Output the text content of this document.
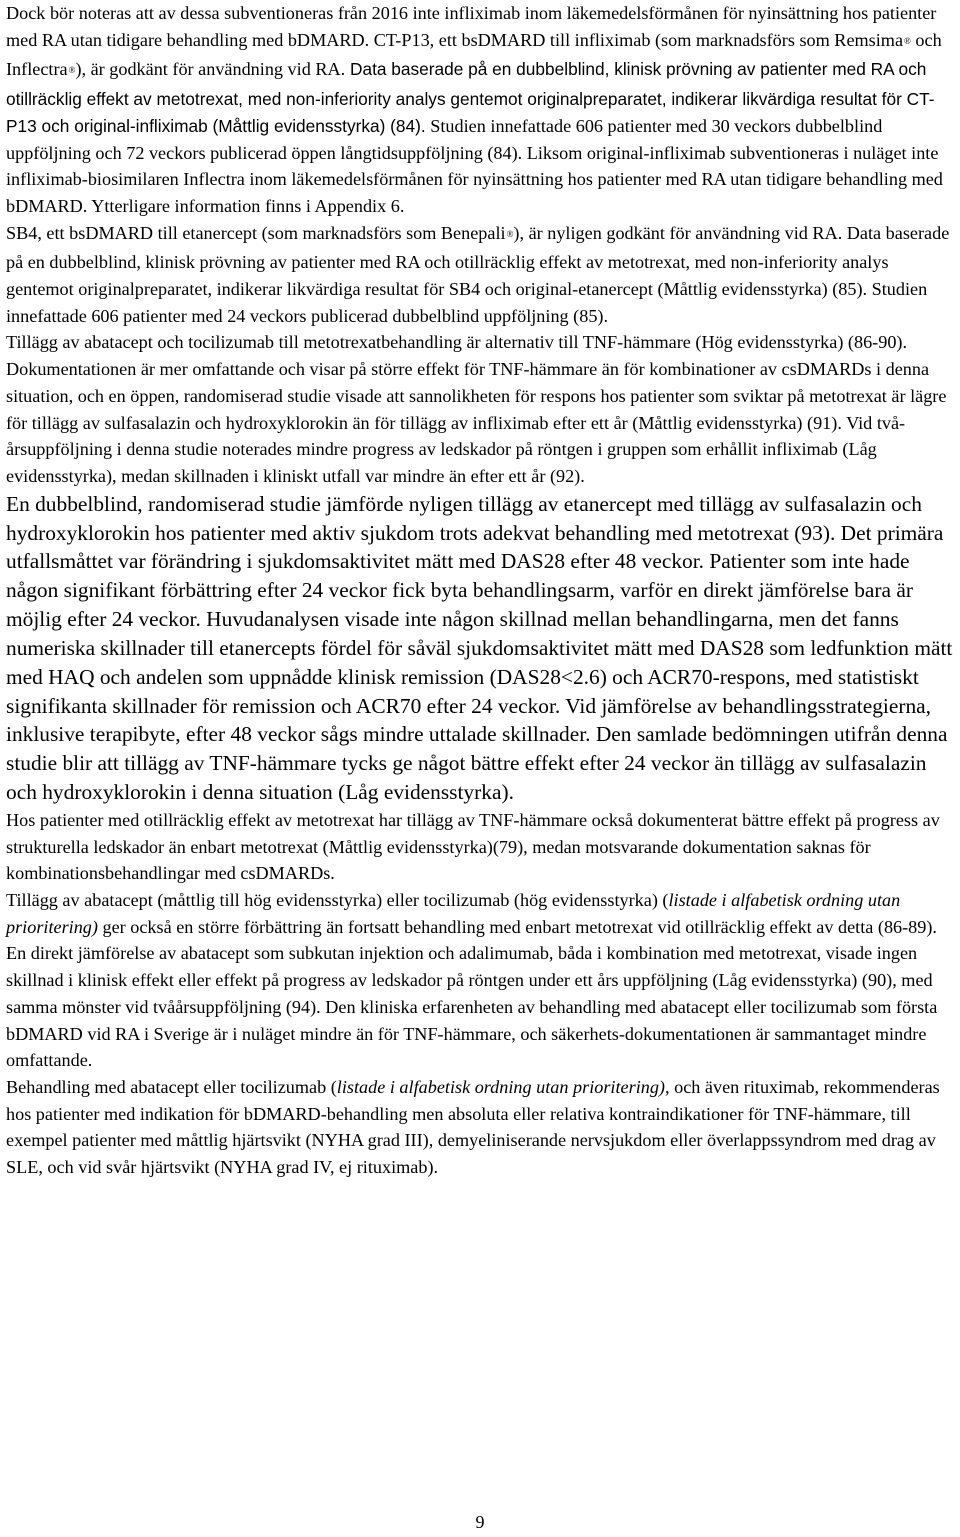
Dock bör noteras att av dessa subventioneras från 2016 inte infliximab inom läkemedelsförmånen för nyinsättning hos patienter med RA utan tidigare behandling med bDMARD. CT-P13, ett bsDMARD till infliximab (som marknadsförs som Remsima® och Inflectra®), är godkänt för användning vid RA. Data baserade på en dubbelblind, klinisk prövning av patienter med RA och otillräcklig effekt av metotrexat, med non-inferiority analys gentemot originalpreparatet, indikerar likvärdiga resultat för CT-P13 och original-infliximab (Måttlig evidensstyrka) (84). Studien innefattade 606 patienter med 30 veckors dubbelblind uppföljning och 72 veckors publicerad öppen långtidsuppföljning (84). Liksom original-infliximab subventioneras i nuläget inte infliximab-biosimilaren Inflectra inom läkemedelsförmånen för nyinsättning hos patienter med RA utan tidigare behandling med bDMARD. Ytterligare information finns i Appendix 6.

SB4, ett bsDMARD till etanercept (som marknadsförs som Benepali®), är nyligen godkänt för användning vid RA. Data baserade på en dubbelblind, klinisk prövning av patienter med RA och otillräcklig effekt av metotrexat, med non-inferiority analys gentemot originalpreparatet, indikerar likvärdiga resultat för SB4 och original-etanercept (Måttlig evidensstyrka) (85). Studien innefattade 606 patienter med 24 veckors publicerad dubbelblind uppföljning (85).

Tillägg av abatacept och tocilizumab till metotrexatbehandling är alternativ till TNF-hämmare (Hög evidensstyrka) (86-90).

Dokumentationen är mer omfattande och visar på större effekt för TNF-hämmare än för kombinationer av csDMARDs i denna situation, och en öppen, randomiserad studie visade att sannolikheten för respons hos patienter som sviktar på metotrexat är lägre för tillägg av sulfasalazin och hydroxyklorokin än för tillägg av infliximab efter ett år (Måttlig evidensstyrka) (91). Vid två-årsuppföljning i denna studie noterades mindre progress av ledskador på röntgen i gruppen som erhållit infliximab (Låg evidensstyrka), medan skillnaden i kliniskt utfall var mindre än efter ett år (92).

En dubbelblind, randomiserad studie jämförde nyligen tillägg av etanercept med tillägg av sulfasalazin och hydroxyklorokin hos patienter med aktiv sjukdom trots adekvat behandling med metotrexat (93). Det primära utfallsmåttet var förändring i sjukdomsaktivitet mätt med DAS28 efter 48 veckor. Patienter som inte hade någon signifikant förbättring efter 24 veckor fick byta behandlingsarm, varför en direkt jämförelse bara är möjlig efter 24 veckor. Huvudanalysen visade inte någon skillnad mellan behandlingarna, men det fanns numeriska skillnader till etanercepts fördel för såväl sjukdomsaktivitet mätt med DAS28 som ledfunktion mätt med HAQ och andelen som uppnådde klinisk remission (DAS28<2.6) och ACR70-respons, med statistiskt signifikanta skillnader för remission och ACR70 efter 24 veckor. Vid jämförelse av behandlingsstrategierna, inklusive terapibyte, efter 48 veckor sågs mindre uttalade skillnader. Den samlade bedömningen utifrån denna studie blir att tillägg av TNF-hämmare tycks ge något bättre effekt efter 24 veckor än tillägg av sulfasalazin och hydroxyklorokin i denna situation (Låg evidensstyrka).

Hos patienter med otillräcklig effekt av metotrexat har tillägg av TNF-hämmare också dokumenterat bättre effekt på progress av strukturella ledskador än enbart metotrexat (Måttlig evidensstyrka)(79), medan motsvarande dokumentation saknas för kombinationsbehandlingar med csDMARDs.

Tillägg av abatacept (måttlig till hög evidensstyrka) eller tocilizumab (hög evidensstyrka) (listade i alfabetisk ordning utan prioritering) ger också en större förbättring än fortsatt behandling med enbart metotrexat vid otillräcklig effekt av detta (86-89). En direkt jämförelse av abatacept som subkutan injektion och adalimumab, båda i kombination med metotrexat, visade ingen skillnad i klinisk effekt eller effekt på progress av ledskador på röntgen under ett års uppföljning (Låg evidensstyrka) (90), med samma mönster vid tvåårsuppföljning (94). Den kliniska erfarenheten av behandling med abatacept eller tocilizumab som första bDMARD vid RA i Sverige är i nuläget mindre än för TNF-hämmare, och säkerhets-dokumentationen är sammantaget mindre omfattande.

Behandling med abatacept eller tocilizumab (listade i alfabetisk ordning utan prioritering), och även rituximab, rekommenderas hos patienter med indikation för bDMARD-behandling men absoluta eller relativa kontraindikationer för TNF-hämmare, till exempel patienter med måttlig hjärtsvikt (NYHA grad III), demyeliniserande nervsjukdom eller överlappssyndrom med drag av SLE, och vid svår hjärtsvikt (NYHA grad IV, ej rituximab).

9
